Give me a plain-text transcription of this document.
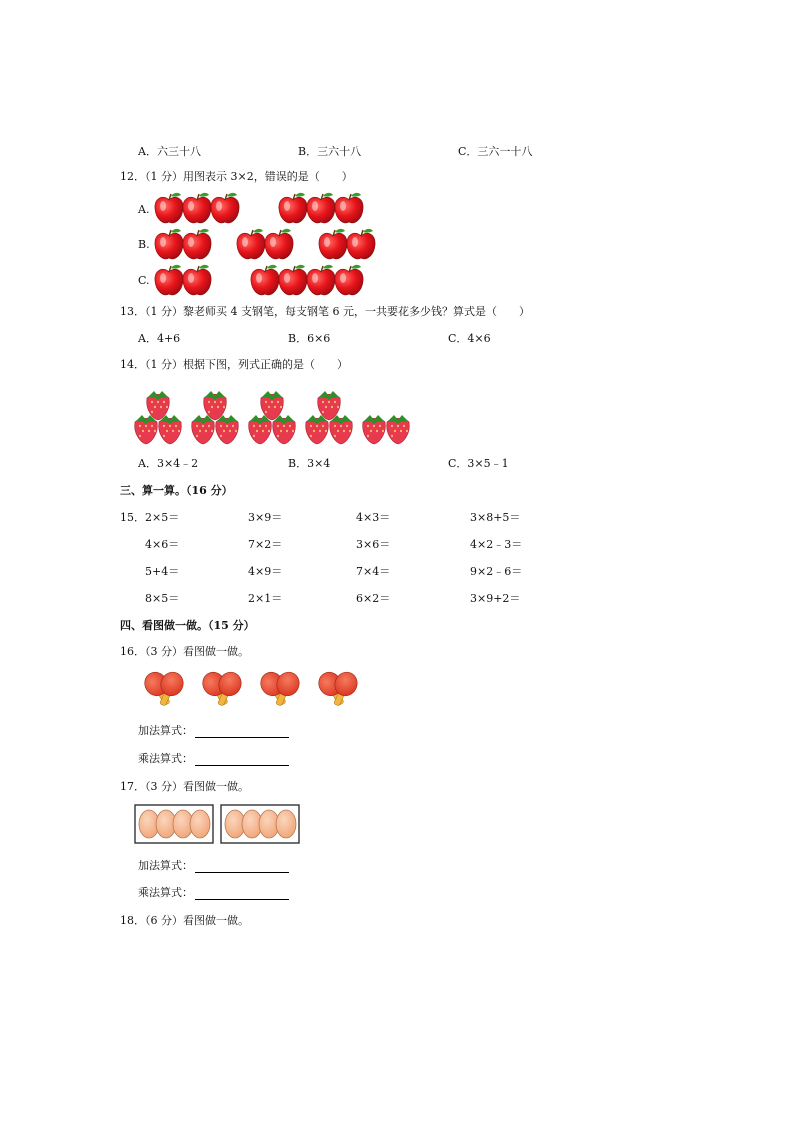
A．六三十八	B．三六十八	C．三六一十八
12．（1 分）用图表示 3×2，错误的是（　　）
A.
B.
C.
13．（1 分）黎老师买 4 支钢笔，每支钢笔 6 元，一共要花多少钱？算式是（　　）
A．4+6	B．6×6	C．4×6
14．（1 分）根据下图，列式正确的是（　　）
A．3×4﹣2	B．3×4	C．3×5﹣1
三、算一算。（16 分）
15．2×5＝	3×9＝	4×3＝	3×8+5＝
4×6＝	7×2＝	3×6＝	4×2﹣3＝
5+4＝	4×9＝	7×4＝	9×2﹣6＝
8×5＝	2×1＝	6×2＝	3×9+2＝
四、看图做一做。（15 分）
16．（3 分）看图做一做。
加法算式：
乘法算式：
17．（3 分）看图做一做。
加法算式：
乘法算式：
18．（6 分）看图做一做。
